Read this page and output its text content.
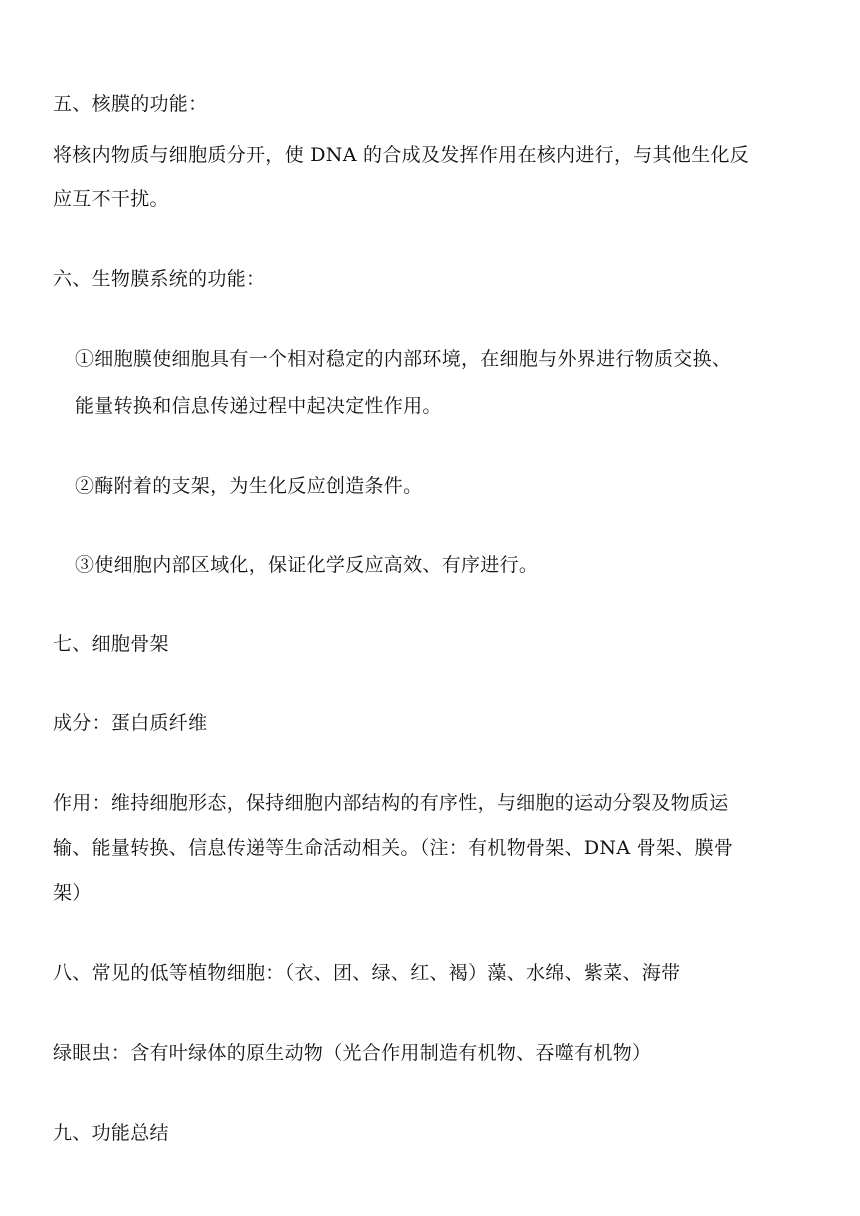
五、核膜的功能：
将核内物质与细胞质分开，使 DNA 的合成及发挥作用在核内进行，与其他生化反
应互不干扰。
六、生物膜系统的功能：
①细胞膜使细胞具有一个相对稳定的内部环境，在细胞与外界进行物质交换、
能量转换和信息传递过程中起决定性作用。
②酶附着的支架，为生化反应创造条件。
③使细胞内部区域化，保证化学反应高效、有序进行。
七、细胞骨架
成分：蛋白质纤维
作用：维持细胞形态，保持细胞内部结构的有序性，与细胞的运动分裂及物质运
输、能量转换、信息传递等生命活动相关。（注：有机物骨架、DNA 骨架、膜骨
架）
八、常见的低等植物细胞：（衣、团、绿、红、褐）藻、水绵、紫菜、海带
绿眼虫：含有叶绿体的原生动物（光合作用制造有机物、吞噬有机物）
九、功能总结
